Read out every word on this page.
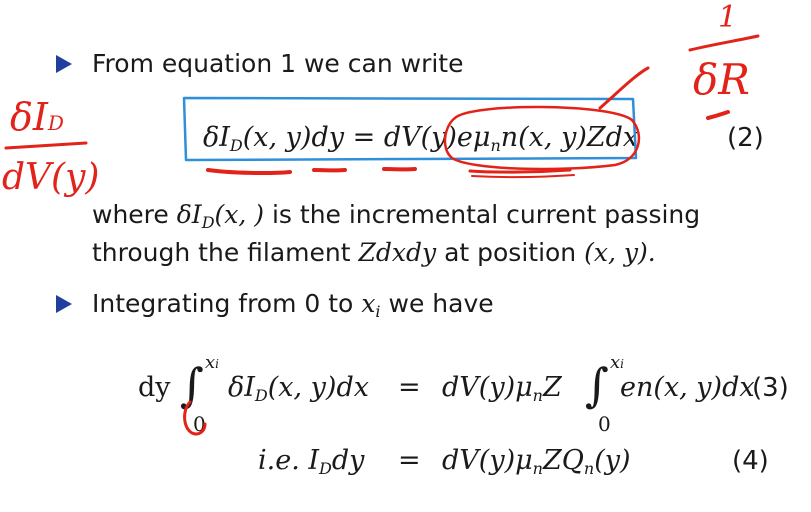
From equation 1 we can write
$\delta I_D(x$, $y)dy = dV(y)e\mu_nn(x$, y)Zdx	(2)
where $\delta I_D(x$, ) is the incremental current passing
through the filament Zdxdy at position (x, y).
Integrating from 0 to $x_i$ we have
dy ∫ xi
0
$\delta I_D(x$, $y)dx = dV(y)\mu_nZ$ ∫ xi
0
en(x, y)dx
(3)
i.e. $I_Ddy = dV(y)\mu_nZQ_n(y)$	(4)
δID
dV(y)
1
δR
